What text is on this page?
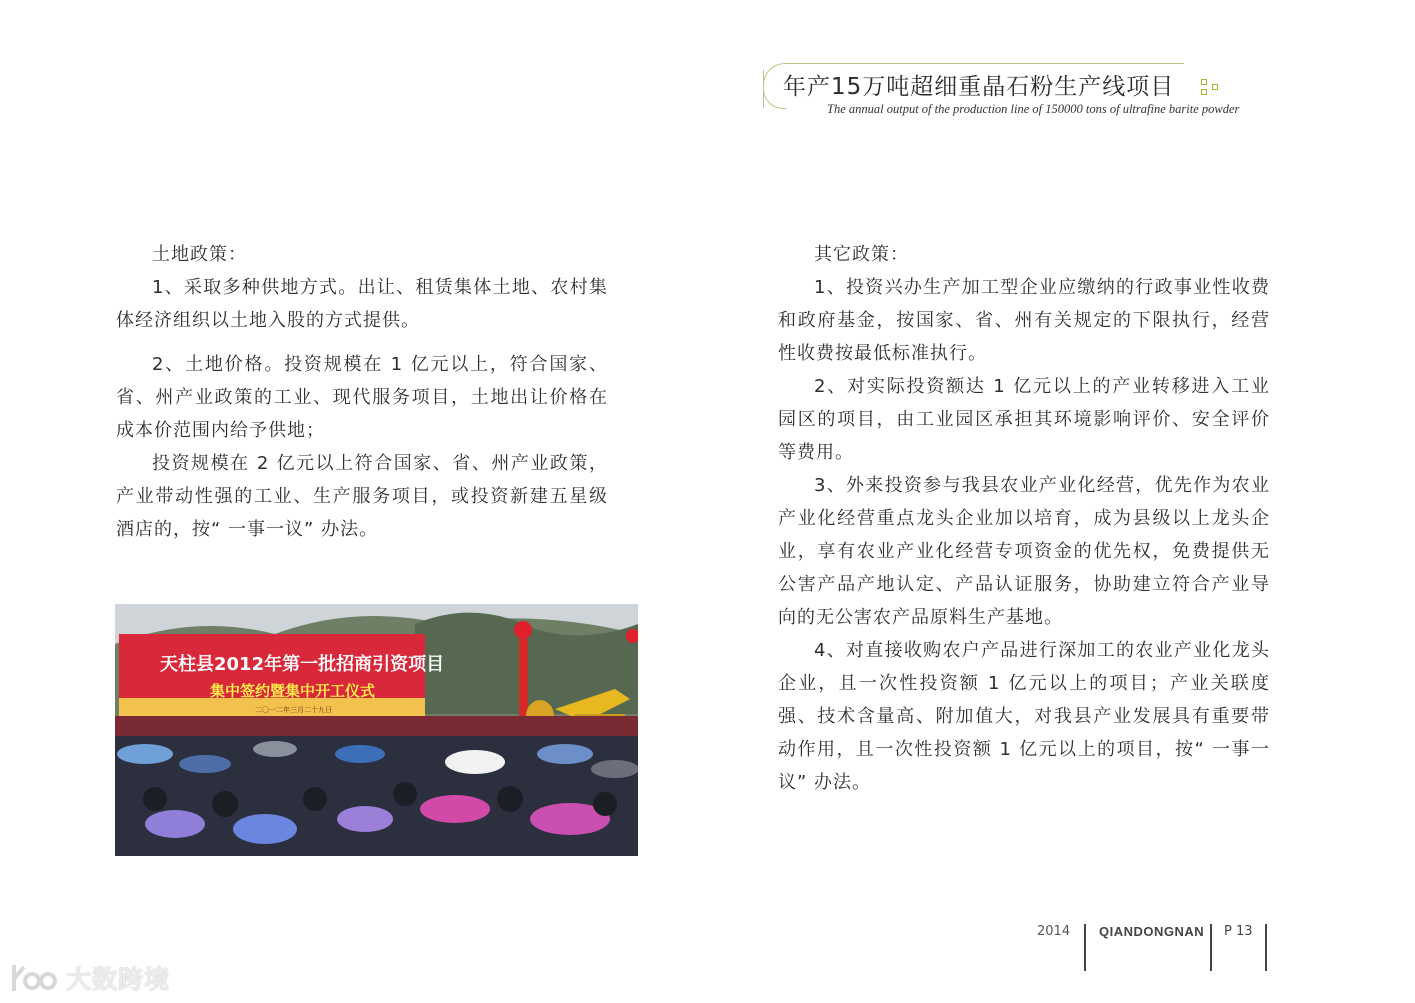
年产15万吨超细重晶石粉生产线项目
The annual output of the production line of 150000 tons of ultrafine barite powder

土地政策：

1、采取多种供地方式。出让、租赁集体土地、农村集体经济组织以土地入股的方式提供。

2、土地价格。投资规模在 1 亿元以上，符合国家、省、州产业政策的工业、现代服务项目，土地出让价格在成本价范围内给予供地；

投资规模在 2 亿元以上符合国家、省、州产业政策，产业带动性强的工业、生产服务项目，或投资新建五星级酒店的，按“ 一事一议” 办法。

天柱县2012年第一批招商引资项目
集中签约暨集中开工仪式
二〇一二年三月二十九日

其它政策：

1、投资兴办生产加工型企业应缴纳的行政事业性收费和政府基金，按国家、省、州有关规定的下限执行，经营性收费按最低标准执行。

2、对实际投资额达 1 亿元以上的产业转移进入工业园区的项目，由工业园区承担其环境影响评价、安全评价等费用。

3、外来投资参与我县农业产业化经营，优先作为农业产业化经营重点龙头企业加以培育，成为县级以上龙头企业，享有农业产业化经营专项资金的优先权，免费提供无公害产品产地认定、产品认证服务，协助建立符合产业导向的无公害农产品原料生产基地。

4、对直接收购农户产品进行深加工的农业产业化龙头企业，且一次性投资额 1 亿元以上的项目；产业关联度强、技术含量高、附加值大，对我县产业发展具有重要带动作用，且一次性投资额 1 亿元以上的项目，按“ 一事一议” 办法。

2014 QIANDONGNAN P 13
大数跨境
